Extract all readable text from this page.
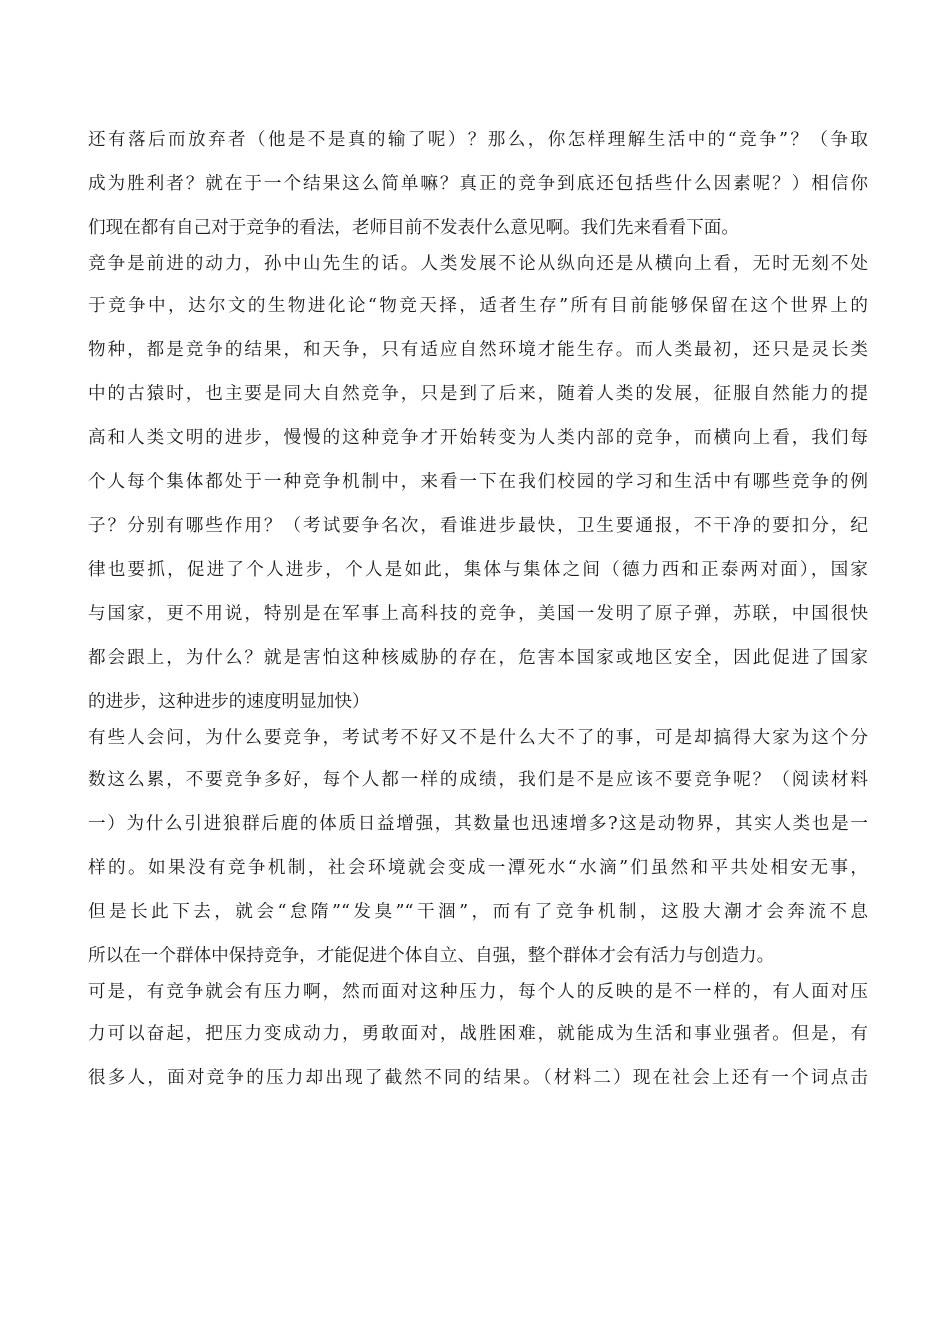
还有落后而放弃者（他是不是真的输了呢）？那么，你怎样理解生活中的“竞争”？（争取
成为胜利者？就在于一个结果这么简单嘛？真正的竞争到底还包括些什么因素呢？）相信你
们现在都有自己对于竞争的看法，老师目前不发表什么意见啊。我们先来看看下面。
竞争是前进的动力，孙中山先生的话。人类发展不论从纵向还是从横向上看，无时无刻不处
于竞争中，达尔文的生物进化论“物竞天择，适者生存”所有目前能够保留在这个世界上的
物种，都是竞争的结果，和天争，只有适应自然环境才能生存。而人类最初，还只是灵长类
中的古猿时，也主要是同大自然竞争，只是到了后来，随着人类的发展，征服自然能力的提
高和人类文明的进步，慢慢的这种竞争才开始转变为人类内部的竞争，而横向上看，我们每
个人每个集体都处于一种竞争机制中，来看一下在我们校园的学习和生活中有哪些竞争的例
子？分别有哪些作用？（考试要争名次，看谁进步最快，卫生要通报，不干净的要扣分，纪
律也要抓，促进了个人进步，个人是如此，集体与集体之间（德力西和正泰两对面），国家
与国家，更不用说，特别是在军事上高科技的竞争，美国一发明了原子弹，苏联，中国很快
都会跟上，为什么？就是害怕这种核威胁的存在，危害本国家或地区安全，因此促进了国家
的进步，这种进步的速度明显加快）
有些人会问，为什么要竞争，考试考不好又不是什么大不了的事，可是却搞得大家为这个分
数这么累，不要竞争多好，每个人都一样的成绩，我们是不是应该不要竞争呢？（阅读材料
一）为什么引进狼群后鹿的体质日益增强，其数量也迅速增多?这是动物界，其实人类也是一
样的。如果没有竞争机制，社会环境就会变成一潭死水“水滴”们虽然和平共处相安无事，
但是长此下去，就会“怠隋”“发臭”“干涸”，而有了竞争机制，这股大潮才会奔流不息
所以在一个群体中保持竞争，才能促进个体自立、自强，整个群体才会有活力与创造力。
可是，有竞争就会有压力啊，然而面对这种压力，每个人的反映的是不一样的，有人面对压
力可以奋起，把压力变成动力，勇敢面对，战胜困难，就能成为生活和事业强者。但是，有
很多人，面对竞争的压力却出现了截然不同的结果。（材料二）现在社会上还有一个词点击
